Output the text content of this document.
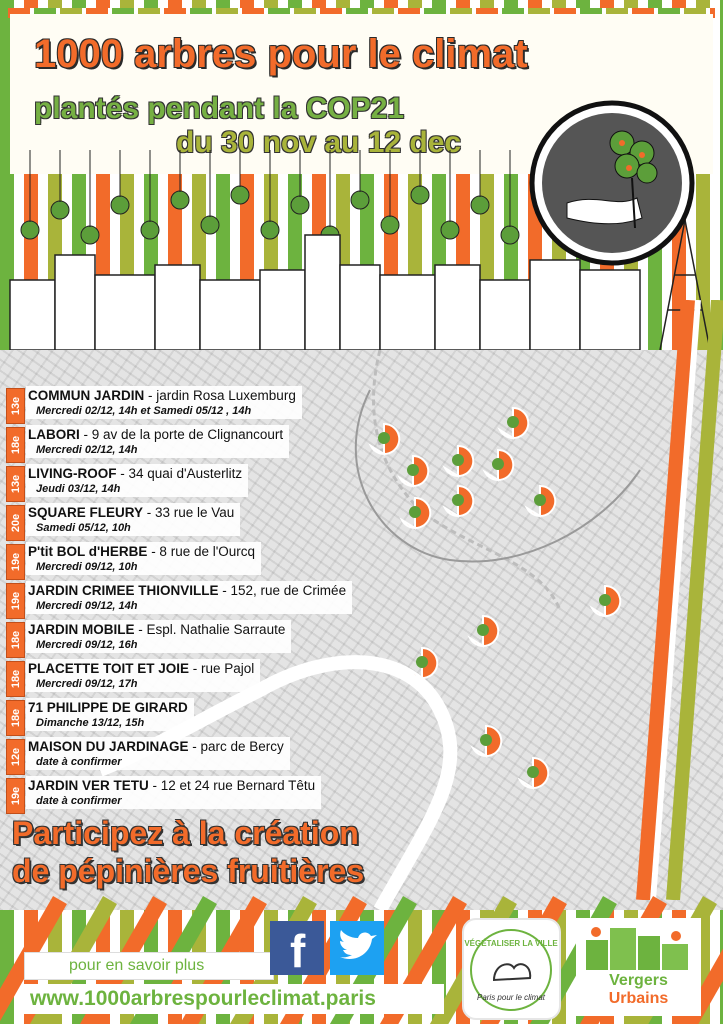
1000 arbres pour le climat
plantés pendant la COP21
du 30 nov au 12 dec
13e
COMMUN JARDIN - jardin Rosa Luxemburg
Mercredi 02/12, 14h et Samedi 05/12 , 14h
18e
LABORI - 9 av de la porte de Clignancourt
Mercredi 02/12, 14h
13e
LIVING-ROOF - 34 quai d'Austerlitz
Jeudi 03/12, 14h
20e
SQUARE FLEURY - 33 rue le Vau
Samedi 05/12, 10h
19e
P'tit BOL d'HERBE - 8 rue de l'Ourcq
Mercredi 09/12, 10h
19e
JARDIN CRIMEE THIONVILLE - 152, rue de Crimée
Mercredi 09/12, 14h
18e
JARDIN MOBILE - Espl. Nathalie Sarraute
Mercredi 09/12, 16h
18e
PLACETTE TOIT ET JOIE - rue Pajol
Mercredi 09/12, 17h
18e
71 PHILIPPE DE GIRARD
Dimanche 13/12, 15h
12e
MAISON DU JARDINAGE - parc de Bercy
date à confirmer
19e
JARDIN VER TETU - 12 et 24 rue Bernard Têtu
date à confirmer
Participez à la création
de pépinières fruitières
pour en savoir plus f
www.1000arbrespourleclimat.paris
VÉGÉTALISER LA VILLE
Paris pour le climat
Vergers
Urbains
